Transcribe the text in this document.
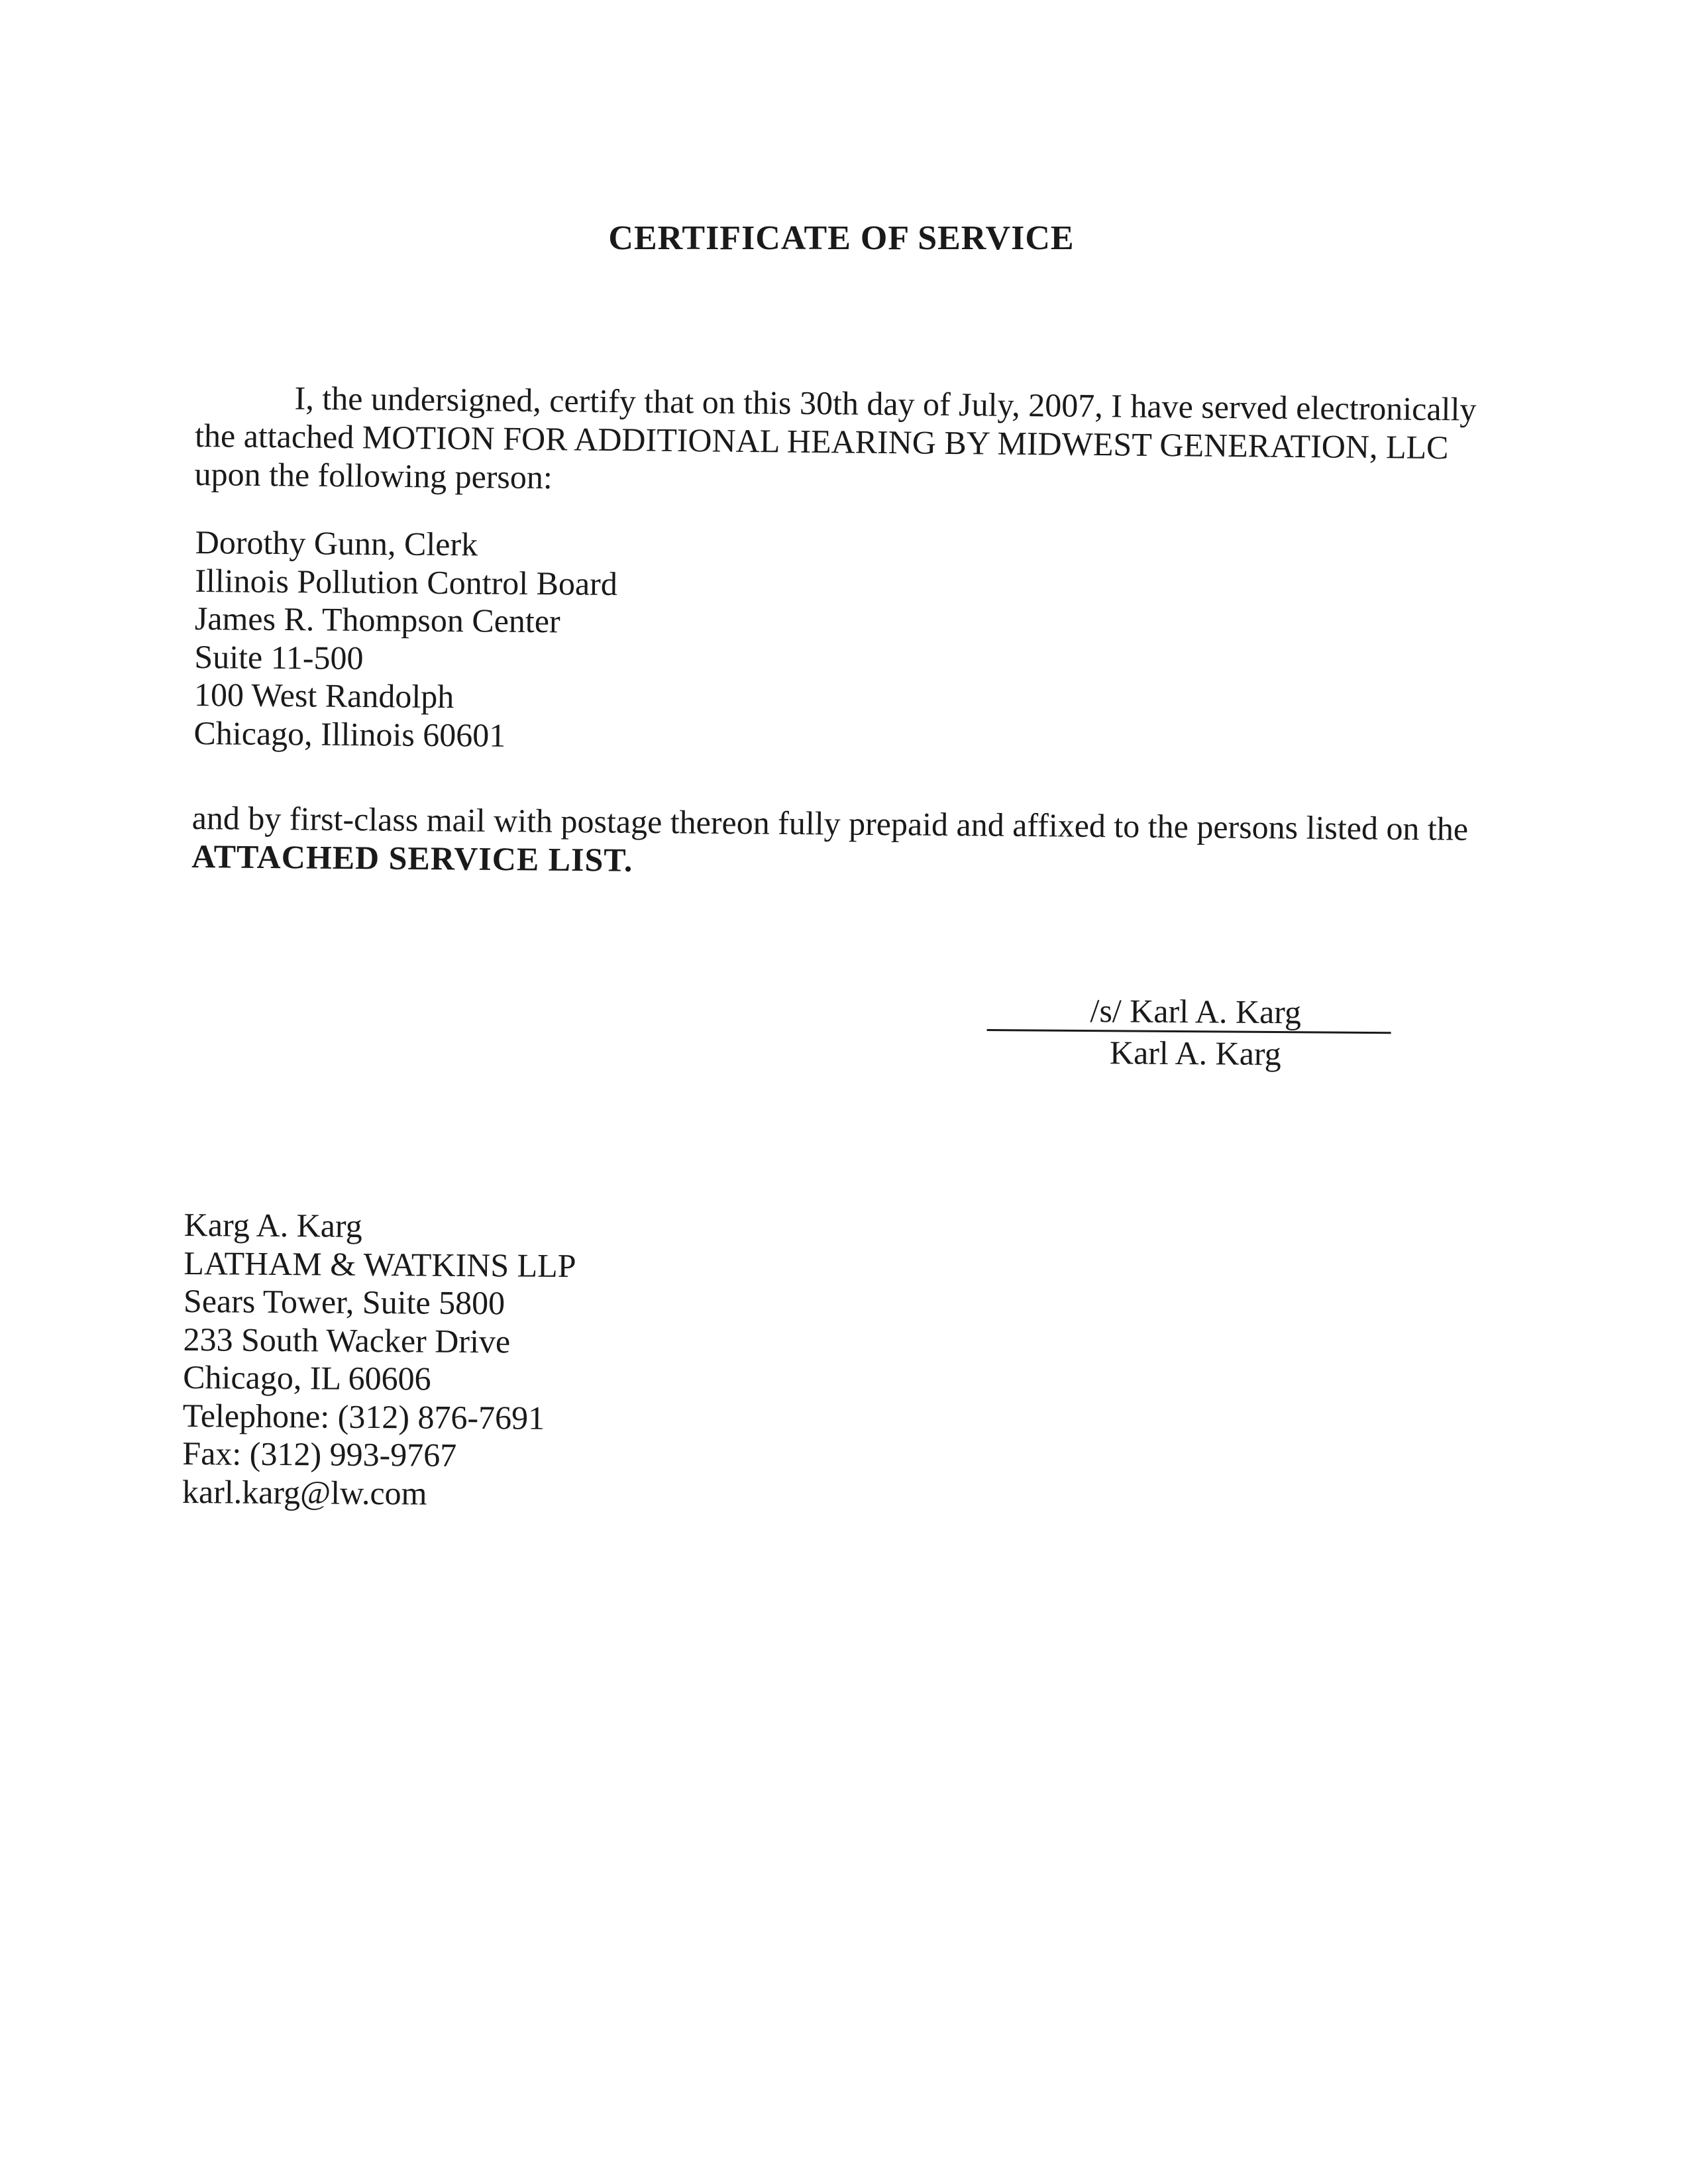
CERTIFICATE OF SERVICE
I, the undersigned, certify that on this 30th day of July, 2007, I have served electronically the attached MOTION FOR ADDITIONAL HEARING BY MIDWEST GENERATION, LLC upon the following person:
Dorothy Gunn, Clerk
Illinois Pollution Control Board
James R. Thompson Center
Suite 11-500
100 West Randolph
Chicago, Illinois 60601
and by first-class mail with postage thereon fully prepaid and affixed to the persons listed on the ATTACHED SERVICE LIST.
/s/ Karl A. Karg
Karl A. Karg
Karg A. Karg
LATHAM & WATKINS LLP
Sears Tower, Suite 5800
233 South Wacker Drive
Chicago, IL 60606
Telephone: (312) 876-7691
Fax: (312) 993-9767
karl.karg@lw.com
